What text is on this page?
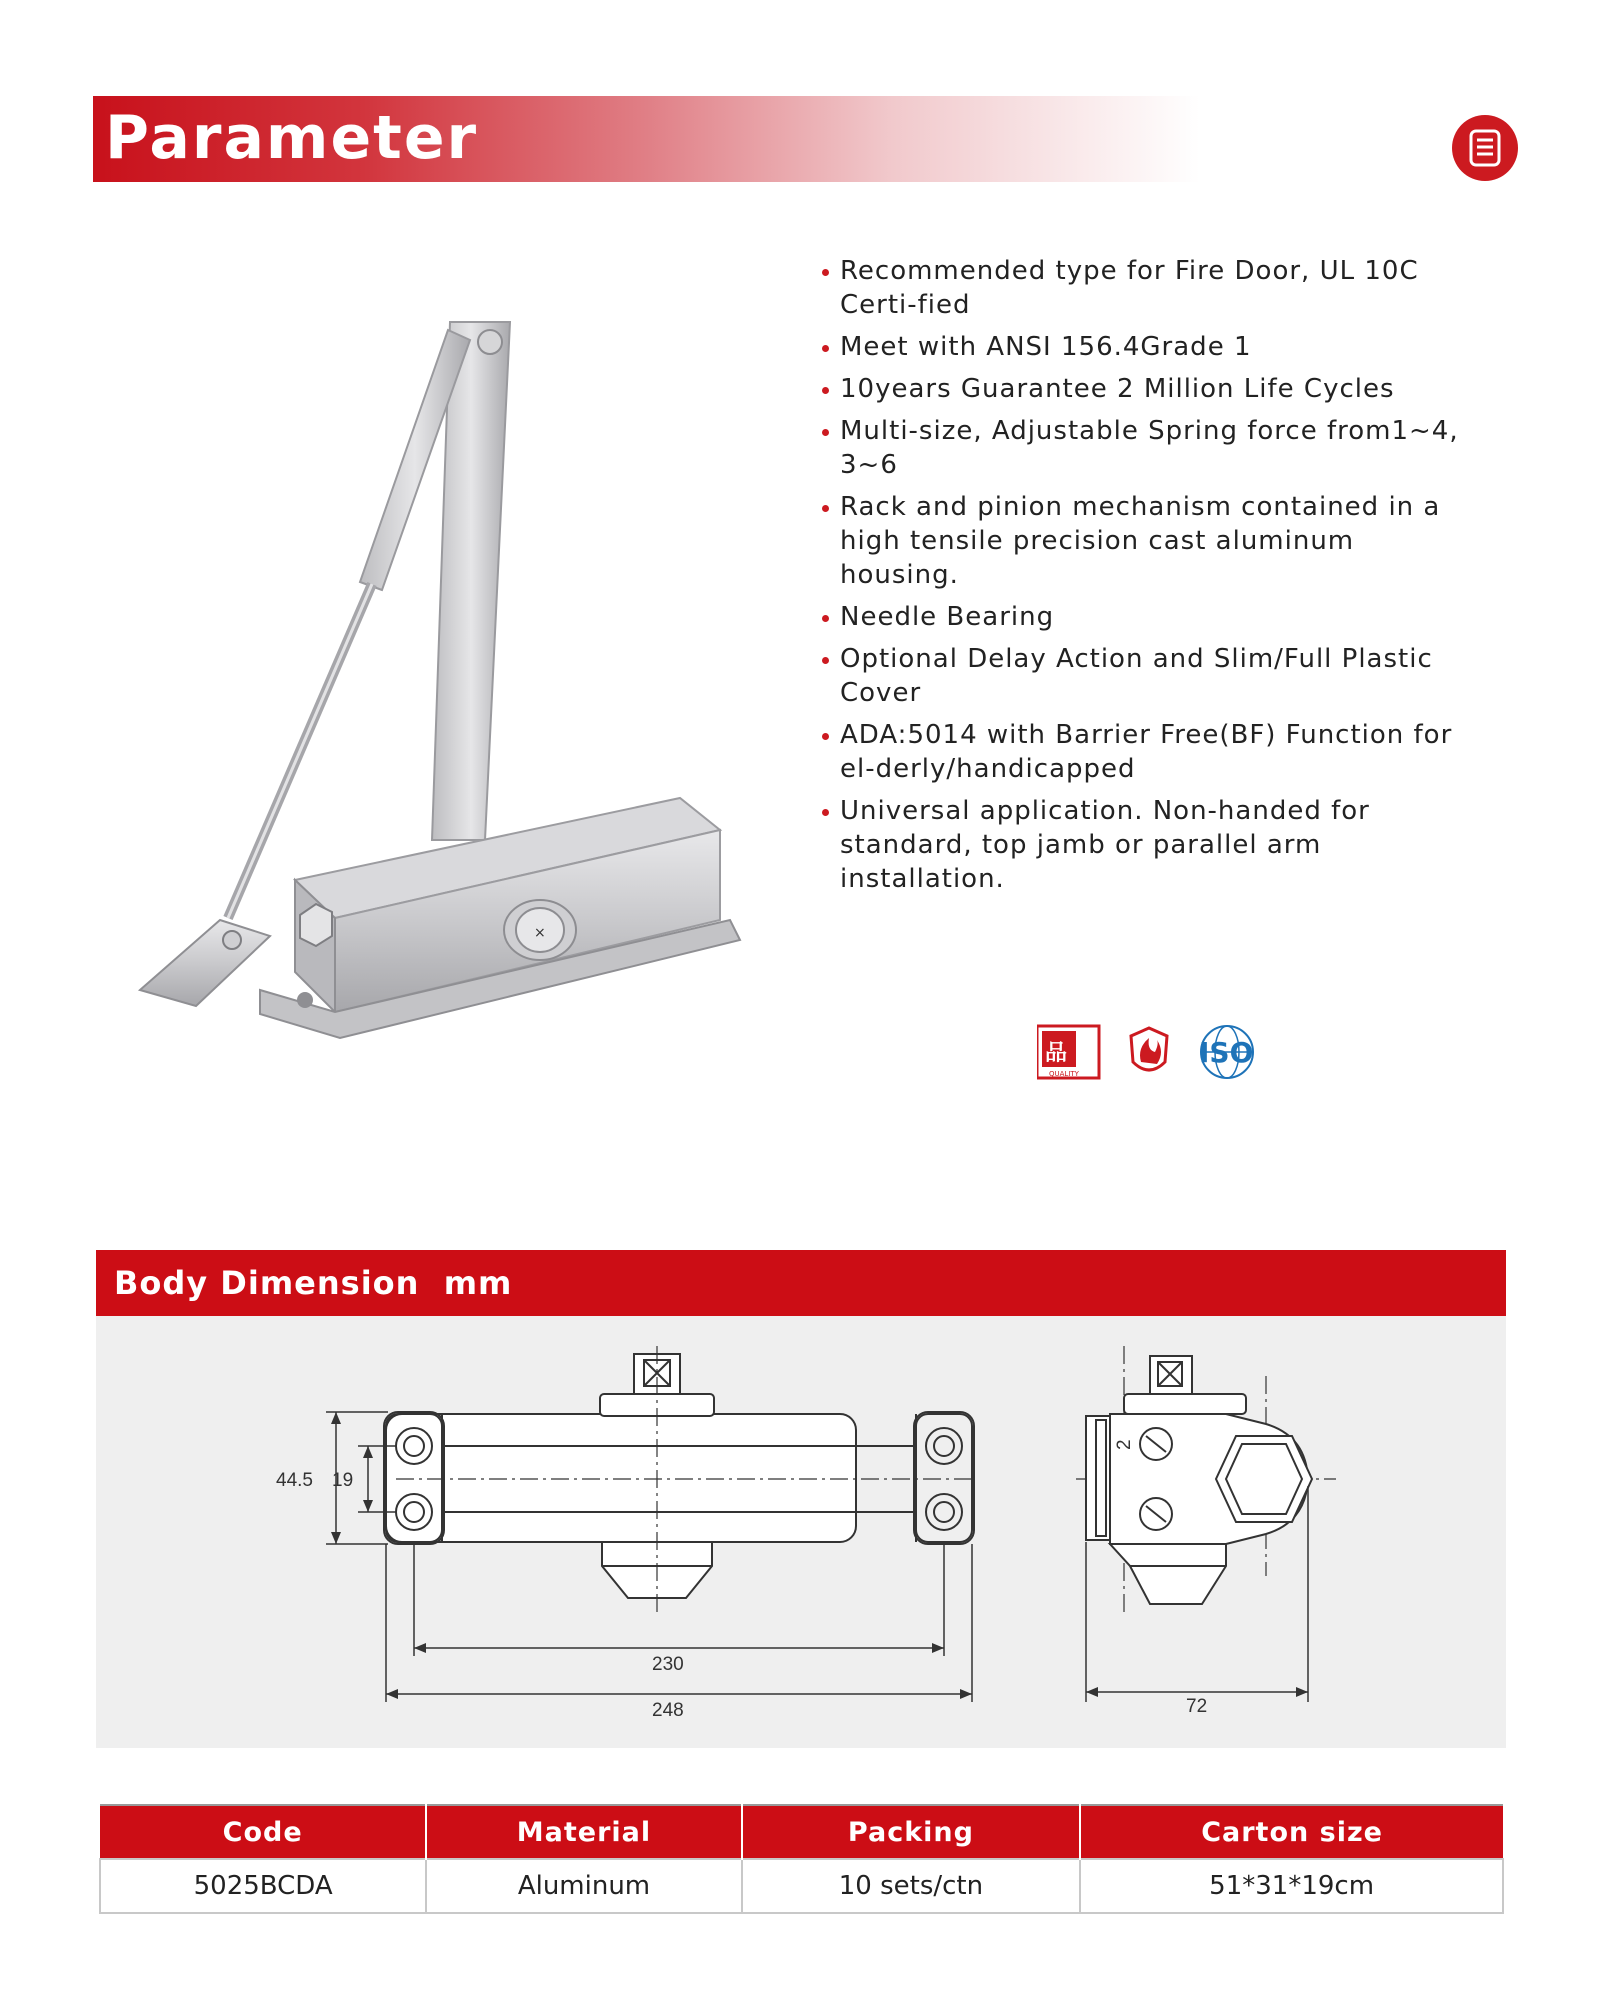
Parameter
×
Recommended type for Fire Door, UL 10C Certi-fied
Meet with ANSI 156.4Grade 1
10years Guarantee 2 Million Life Cycles
Multi-size, Adjustable Spring force from1~4, 3~6
Rack and pinion mechanism contained in a high tensile precision cast aluminum housing.
Needle Bearing
Optional Delay Action and Slim/Full Plastic Cover
ADA:5014 with Barrier Free(BF) Function for el-derly/handicapped
Universal application. Non-handed for standard, top jamb or parallel arm installation.
品
QUALITY
ISO
Body Dimension  mm
44.5 19
230
248
2
72
Code	Material	Packing	Carton size
5025BCDA	Aluminum	10 sets/ctn	51*31*19cm
